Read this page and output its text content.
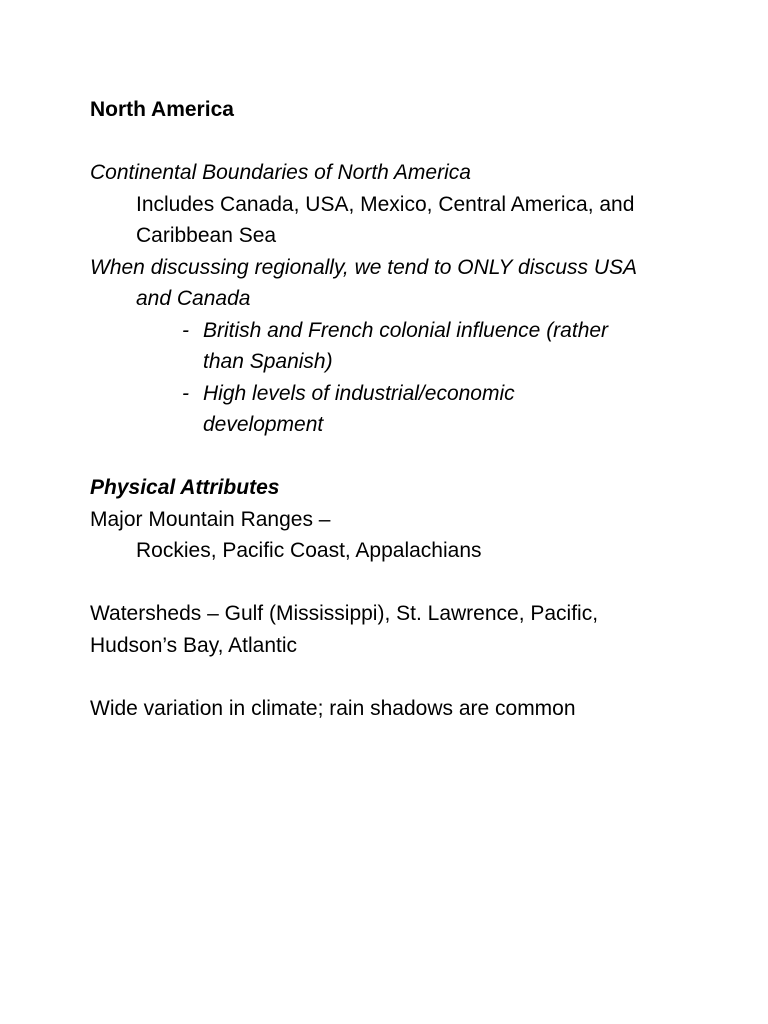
North America
Continental Boundaries of North America
Includes Canada, USA, Mexico, Central America, and
Caribbean Sea
When discussing regionally, we tend to ONLY discuss USA
and Canada
- British and French colonial influence (rather
than Spanish)
- High levels of industrial/economic
development
Physical Attributes
Major Mountain Ranges –
Rockies, Pacific Coast, Appalachians
Watersheds – Gulf (Mississippi), St. Lawrence, Pacific,
Hudson’s Bay, Atlantic
Wide variation in climate; rain shadows are common
